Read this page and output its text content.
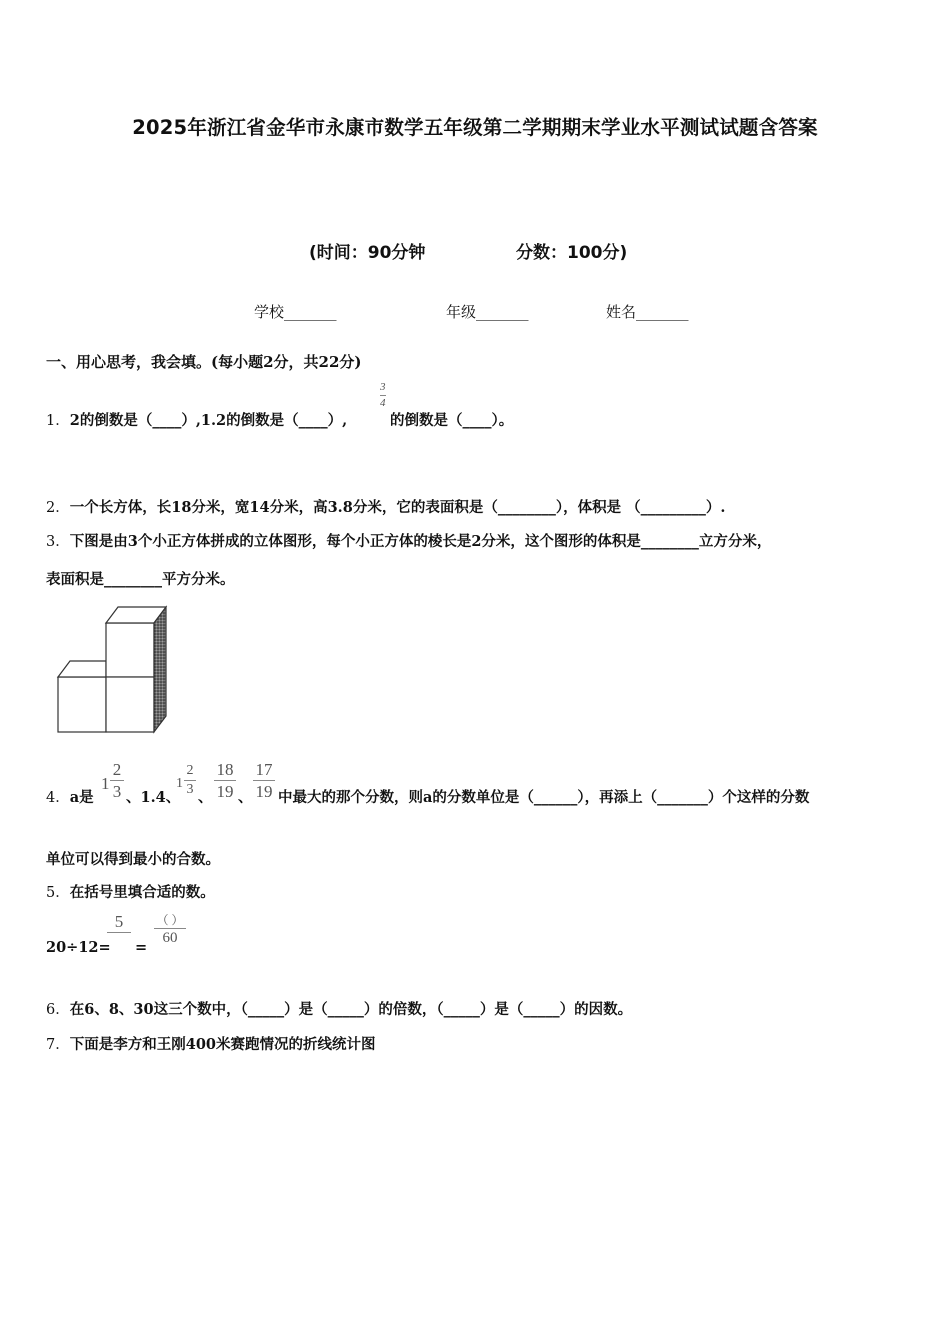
2025年浙江省金华市永康市数学五年级第二学期期末学业水平测试试题含答案
(时间：90分钟	分数：100分)
学校_______	年级_______	姓名_______
一、用心思考，我会填。(每小题2分，共22分)
1．2的倒数是（____）,1.2的倒数是（____）,
3
4
的倒数是（____）。
2．一个长方体，长18分米，宽14分米，高3.8分米，它的表面积是（________），体积是 （_________）.
3．下图是由3个小正方体拼成的立体图形，每个小正方体的棱长是2分米，这个图形的体积是________立方分米，
表面积是________平方分米。
4．a是
1
2
3 、1.4、
1
2
3 、
18
19 、
17
19 中最大的那个分数，则a的分数单位是（______），再添上（_______）个这样的分数
单位可以得到最小的合数。
5．在括号里填合适的数。
20÷12=
5

=
（ ）
60
6．在6、8、30这三个数中，（_____）是（_____）的倍数，（_____）是（_____）的因数。
7．下面是李方和王刚400米赛跑情况的折线统计图
